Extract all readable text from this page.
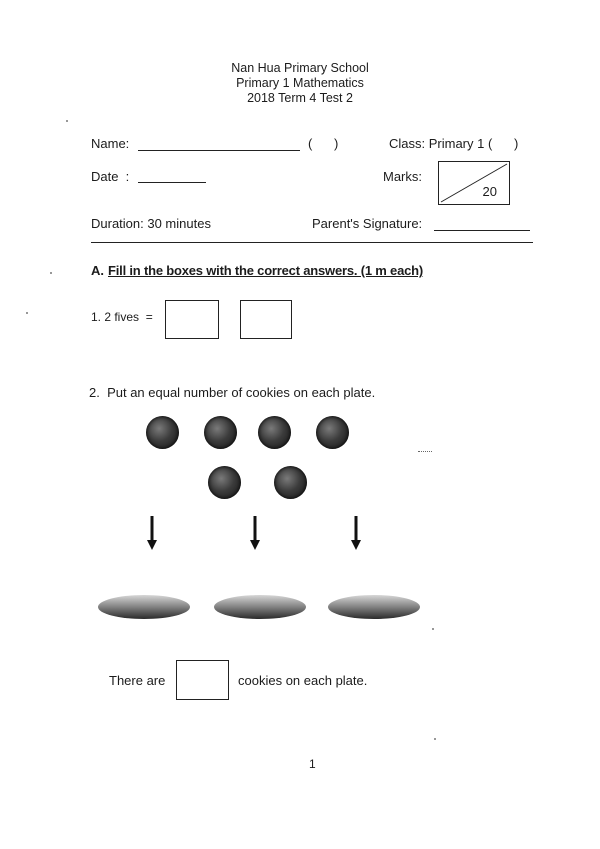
Nan Hua Primary School
Primary 1 Mathematics
2018 Term 4 Test 2
Name:	(      )	Class: Primary 1 (      )
Date  :	Marks:
20
Duration: 30 minutes	Parent's Signature:
A. Fill in the boxes with the correct answers. (1 m each)
1. 2 fives  =
2.  Put an equal number of cookies on each plate.
There are	cookies on each plate.
1
